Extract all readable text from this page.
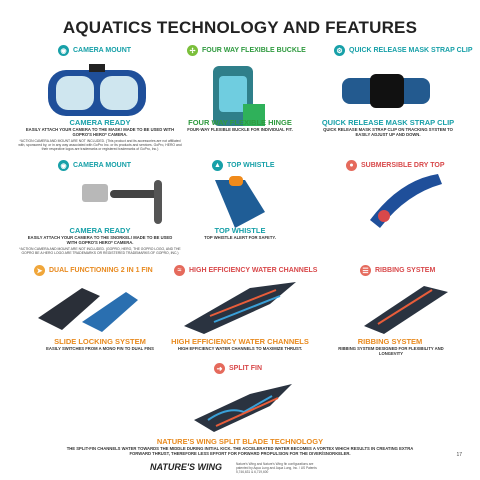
AQUATICS TECHNOLOGY AND FEATURES
◉ CAMERA MOUNT	✢ FOUR WAY FLEXIBLE BUCKLE	⚙ QUICK RELEASE MASK STRAP CLIP
CAMERA READY
EASILY ATTACH YOUR CAMERA TO THE MASK! MADE TO BE USED WITH GOPRO'S HERO* CAMERA.
*ACTION CAMERA AND MOUNT ARE NOT INCLUDED. (This product and its accessories are not affiliated with, sponsored by, or in any way associated with GoPro Inc. or its products and services. GoPro, HERO and their respective logos are trademarks or registered trademarks of GoPro, Inc.)
FOUR WAY FLEXIBLE HINGE
FOUR-WAY FLEXIBLE BUCKLE FOR INDIVIDUAL FIT.
QUICK RELEASE MASK STRAP CLIP
QUICK RELEASE MASK STRAP CLIP ON TRACKING SYSTEM TO EASILY ADJUST UP AND DOWN.
◉ CAMERA MOUNT	▲ TOP WHISTLE	●	SUBMERSIBLE DRY TOP
CAMERA READY
EASILY ATTACH YOUR CAMERA TO THE SNORKEL! MADE TO BE USED WITH GOPRO'S HERO* CAMERA.
*ACTION CAMERA AND MOUNT ARE NOT INCLUDED. (GOPRO, HERO, THE GOPRO LOGO, AND THE GOPRO BE A HERO LOGO ARE TRADEMARKS OR REGISTERED TRADEMARKS OF GOPRO, INC.)
TOP WHISTLE
TOP WHISTLE ALERT FOR SAFETY.
➤ DUAL FUNCTIONING 2 IN 1 FIN	≈	HIGH EFFICIENCY WATER CHANNELS	☰ RIBBING SYSTEM
SLIDE LOCKING SYSTEM
EASILY SWITCHES FROM A MONO FIN TO DUAL FINS
HIGH EFFICIENCY WATER CHANNELS
HIGH EFFICIENCY WATER CHANNELS TO MAXIMIZE THRUST.
RIBBING SYSTEM
RIBBING SYSTEM DESIGNED FOR FLEXIBILITY AND LONGEVITY
➜ SPLIT FIN
NATURE'S WING SPLIT BLADE TECHNOLOGY
THE SPLIT-FIN CHANNELS WATER TOWARDS THE MIDDLE DURING INITIAL KICK. THE ACCELERATED WATER BECOMES A VORTEX WHICH RESULTS IN CREATING EXTRA FORWARD THRUST, THEREFORE LESS EFFORT FOR FORWARD PROPULSION FOR THE DIVER/SNORKELER.
NATURE'S WING	Nature's Wing and Nature's Wing fin configurations are patented by Aqua Lung and Aqua Lung, Inc. / US Patents 5,746,631 & 6,719,600
17
